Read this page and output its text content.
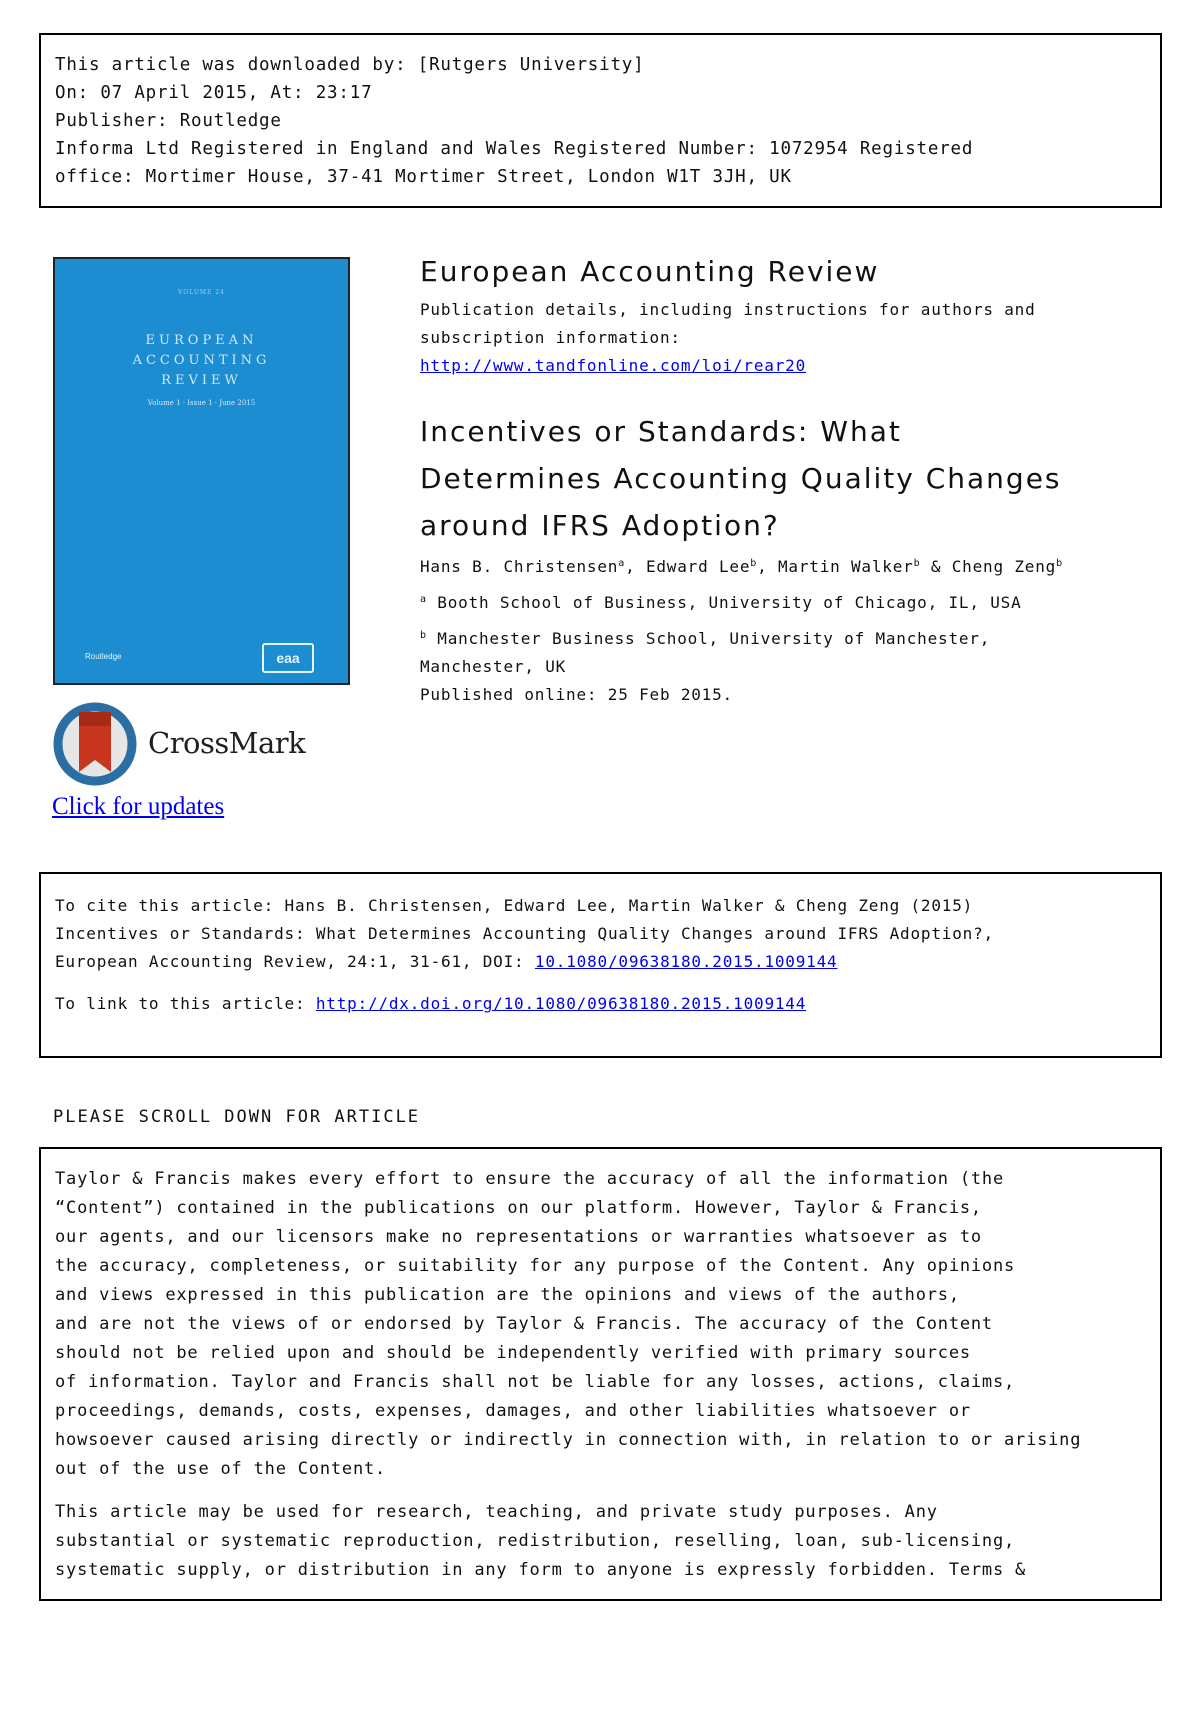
This article was downloaded by: [Rutgers University]
On: 07 April 2015, At: 23:17
Publisher: Routledge
Informa Ltd Registered in England and Wales Registered Number: 1072954 Registered
office: Mortimer House, 37-41 Mortimer Street, London W1T 3JH, UK
VOLUME 24
EUROPEAN
ACCOUNTING
REVIEW
Volume 1 · Issue 1 · June 2015
Routledge	eaa
CrossMark
Click for updates
European Accounting Review
Publication details, including instructions for authors and
subscription information:
http://www.tandfonline.com/loi/rear20
Incentives or Standards: What
Determines Accounting Quality Changes
around IFRS Adoption?
Hans B. Christensen$^a$, Edward Lee$^b$, Martin Walker$^b$ & Cheng Zeng$^b$
$^a$ Booth School of Business, University of Chicago, IL, USA
$^b$ Manchester Business School, University of Manchester,
Manchester, UK
Published online: 25 Feb 2015.
To cite this article: Hans B. Christensen, Edward Lee, Martin Walker & Cheng Zeng (2015)
Incentives or Standards: What Determines Accounting Quality Changes around IFRS Adoption?,
European Accounting Review, 24:1, 31-61, DOI: 10.1080/09638180.2015.1009144
To link to this article: http://dx.doi.org/10.1080/09638180.2015.1009144
PLEASE SCROLL DOWN FOR ARTICLE
Taylor & Francis makes every effort to ensure the accuracy of all the information (the
“Content”) contained in the publications on our platform. However, Taylor & Francis,
our agents, and our licensors make no representations or warranties whatsoever as to
the accuracy, completeness, or suitability for any purpose of the Content. Any opinions
and views expressed in this publication are the opinions and views of the authors,
and are not the views of or endorsed by Taylor & Francis. The accuracy of the Content
should not be relied upon and should be independently verified with primary sources
of information. Taylor and Francis shall not be liable for any losses, actions, claims,
proceedings, demands, costs, expenses, damages, and other liabilities whatsoever or
howsoever caused arising directly or indirectly in connection with, in relation to or arising
out of the use of the Content.
This article may be used for research, teaching, and private study purposes. Any
substantial or systematic reproduction, redistribution, reselling, loan, sub-licensing,
systematic supply, or distribution in any form to anyone is expressly forbidden. Terms &
